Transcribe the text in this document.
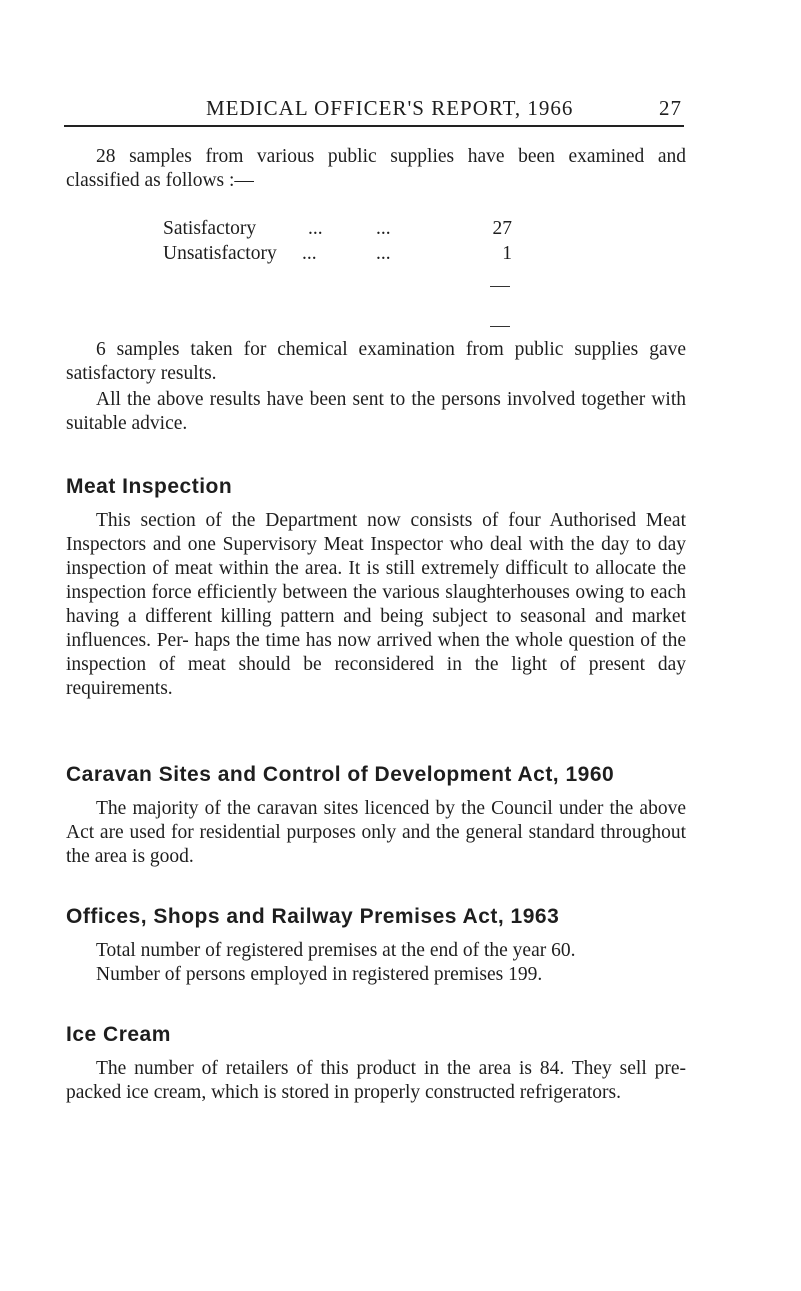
MEDICAL OFFICER'S REPORT, 1966	27
28 samples from various public supplies have been examined and classified as follows :—
Satisfactory	...	...	27
Unsatisfactory ...	...	1
6 samples taken for chemical examination from public supplies gave satisfactory results.
All the above results have been sent to the persons involved together with suitable advice.
Meat Inspection
This section of the Department now consists of four Authorised Meat Inspectors and one Supervisory Meat Inspector who deal with the day to day inspection of meat within the area. It is still extremely difficult to allocate the inspection force efficiently between the various slaughterhouses owing to each having a different killing pattern and being subject to seasonal and market influences. Per- haps the time has now arrived when the whole question of the inspection of meat should be reconsidered in the light of present day requirements.
Caravan Sites and Control of Development Act, 1960
The majority of the caravan sites licenced by the Council under the above Act are used for residential purposes only and the general standard throughout the area is good.
Offices, Shops and Railway Premises Act, 1963
Total number of registered premises at the end of the year 60.
Number of persons employed in registered premises 199.
Ice Cream
The number of retailers of this product in the area is 84. They sell pre-packed ice cream, which is stored in properly constructed refrigerators.
